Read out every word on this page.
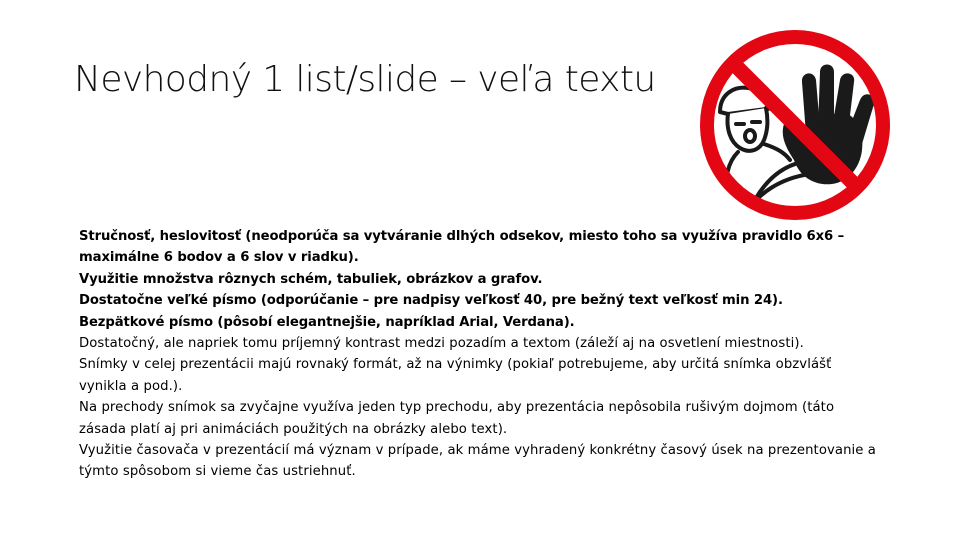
Nevhodný 1 list/slide – veľa textu

Stručnosť, heslovitosť (neodporúča sa vytváranie dlhých odsekov, miesto toho sa využíva pravidlo 6x6 – maximálne 6 bodov a 6 slov v riadku).

Využitie množstva rôznych schém, tabuliek, obrázkov a grafov.

Dostatočne veľké písmo (odporúčanie – pre nadpisy veľkosť 40, pre bežný text veľkosť min 24).

Bezpätkové písmo (pôsobí elegantnejšie, napríklad Arial, Verdana).

Dostatočný, ale napriek tomu príjemný kontrast medzi pozadím a textom (záleží aj na osvetlení miestnosti).

Snímky v celej prezentácii majú rovnaký formát, až na výnimky (pokiaľ potrebujeme, aby určitá snímka obzvlášť vynikla a pod.).

Na prechody snímok sa zvyčajne využíva jeden typ prechodu, aby prezentácia nepôsobila rušivým dojmom (táto zásada platí aj pri animáciách použitých na obrázky alebo text).

Využitie časovača v prezentácií má význam v prípade, ak máme vyhradený konkrétny časový úsek na prezentovanie a týmto spôsobom si vieme čas ustriehnuť.
